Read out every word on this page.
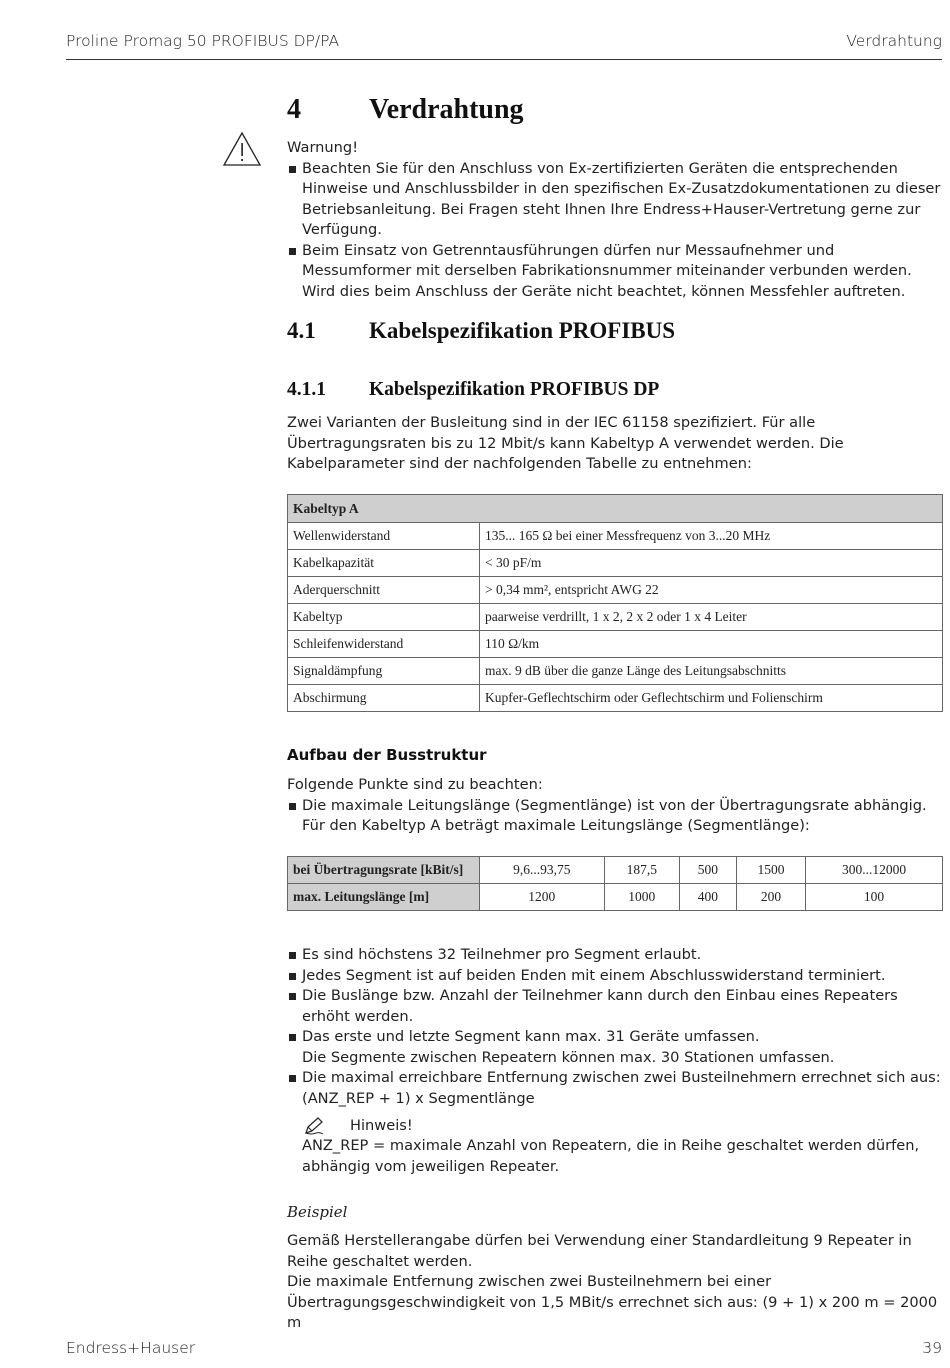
Proline Promag 50 PROFIBUS DP/PA	Verdrahtung
4 Verdrahtung
Warnung!
Beachten Sie für den Anschluss von Ex-zertifizierten Geräten die entsprechenden Hinweise und Anschlussbilder in den spezifischen Ex-Zusatzdokumentationen zu dieser Betriebsanleitung. Bei Fragen steht Ihnen Ihre Endress+Hauser-Vertretung gerne zur Verfügung.
Beim Einsatz von Getrenntausführungen dürfen nur Messaufnehmer und Messumformer mit derselben Fabrikationsnummer miteinander verbunden werden. Wird dies beim Anschluss der Geräte nicht beachtet, können Messfehler auftreten.
4.1 Kabelspezifikation PROFIBUS
4.1.1 Kabelspezifikation PROFIBUS DP
Zwei Varianten der Busleitung sind in der IEC 61158 spezifiziert. Für alle Übertragungsraten bis zu 12 Mbit/s kann Kabeltyp A verwendet werden. Die Kabelparameter sind der nachfolgenden Tabelle zu entnehmen:
Kabeltyp A	
Wellenwiderstand	135... 165 Ω bei einer Messfrequenz von 3...20 MHz
Kabelkapazität	< 30 pF/m
Aderquerschnitt	> 0,34 mm², entspricht AWG 22
Kabeltyp	paarweise verdrillt, 1 x 2, 2 x 2 oder 1 x 4 Leiter
Schleifenwiderstand	110 Ω/km
Signaldämpfung	max. 9 dB über die ganze Länge des Leitungsabschnitts
Abschirmung	Kupfer-Geflechtschirm oder Geflechtschirm und Folienschirm
Aufbau der Busstruktur
Folgende Punkte sind zu beachten:
Die maximale Leitungslänge (Segmentlänge) ist von der Übertragungsrate abhängig.
Für den Kabeltyp A beträgt maximale Leitungslänge (Segmentlänge):
bei Übertragungsrate [kBit/s]	9,6...93,75	187,5	500	1500	300...12000
max. Leitungslänge [m]	1200	1000	400	200	100
Es sind höchstens 32 Teilnehmer pro Segment erlaubt.
Jedes Segment ist auf beiden Enden mit einem Abschlusswiderstand terminiert.
Die Buslänge bzw. Anzahl der Teilnehmer kann durch den Einbau eines Repeaters erhöht werden.
Das erste und letzte Segment kann max. 31 Geräte umfassen.
Die Segmente zwischen Repeatern können max. 30 Stationen umfassen.
Die maximal erreichbare Entfernung zwischen zwei Busteilnehmern errechnet sich aus:
(ANZ_REP + 1) x Segmentlänge
Hinweis!
ANZ_REP = maximale Anzahl von Repeatern, die in Reihe geschaltet werden dürfen, abhängig vom jeweiligen Repeater.
Beispiel
Gemäß Herstellerangabe dürfen bei Verwendung einer Standardleitung 9 Repeater in Reihe geschaltet werden.
Die maximale Entfernung zwischen zwei Busteilnehmern bei einer Übertragungsgeschwindigkeit von 1,5 MBit/s errechnet sich aus: (9 + 1) x 200 m = 2000 m
Endress+Hauser	39
